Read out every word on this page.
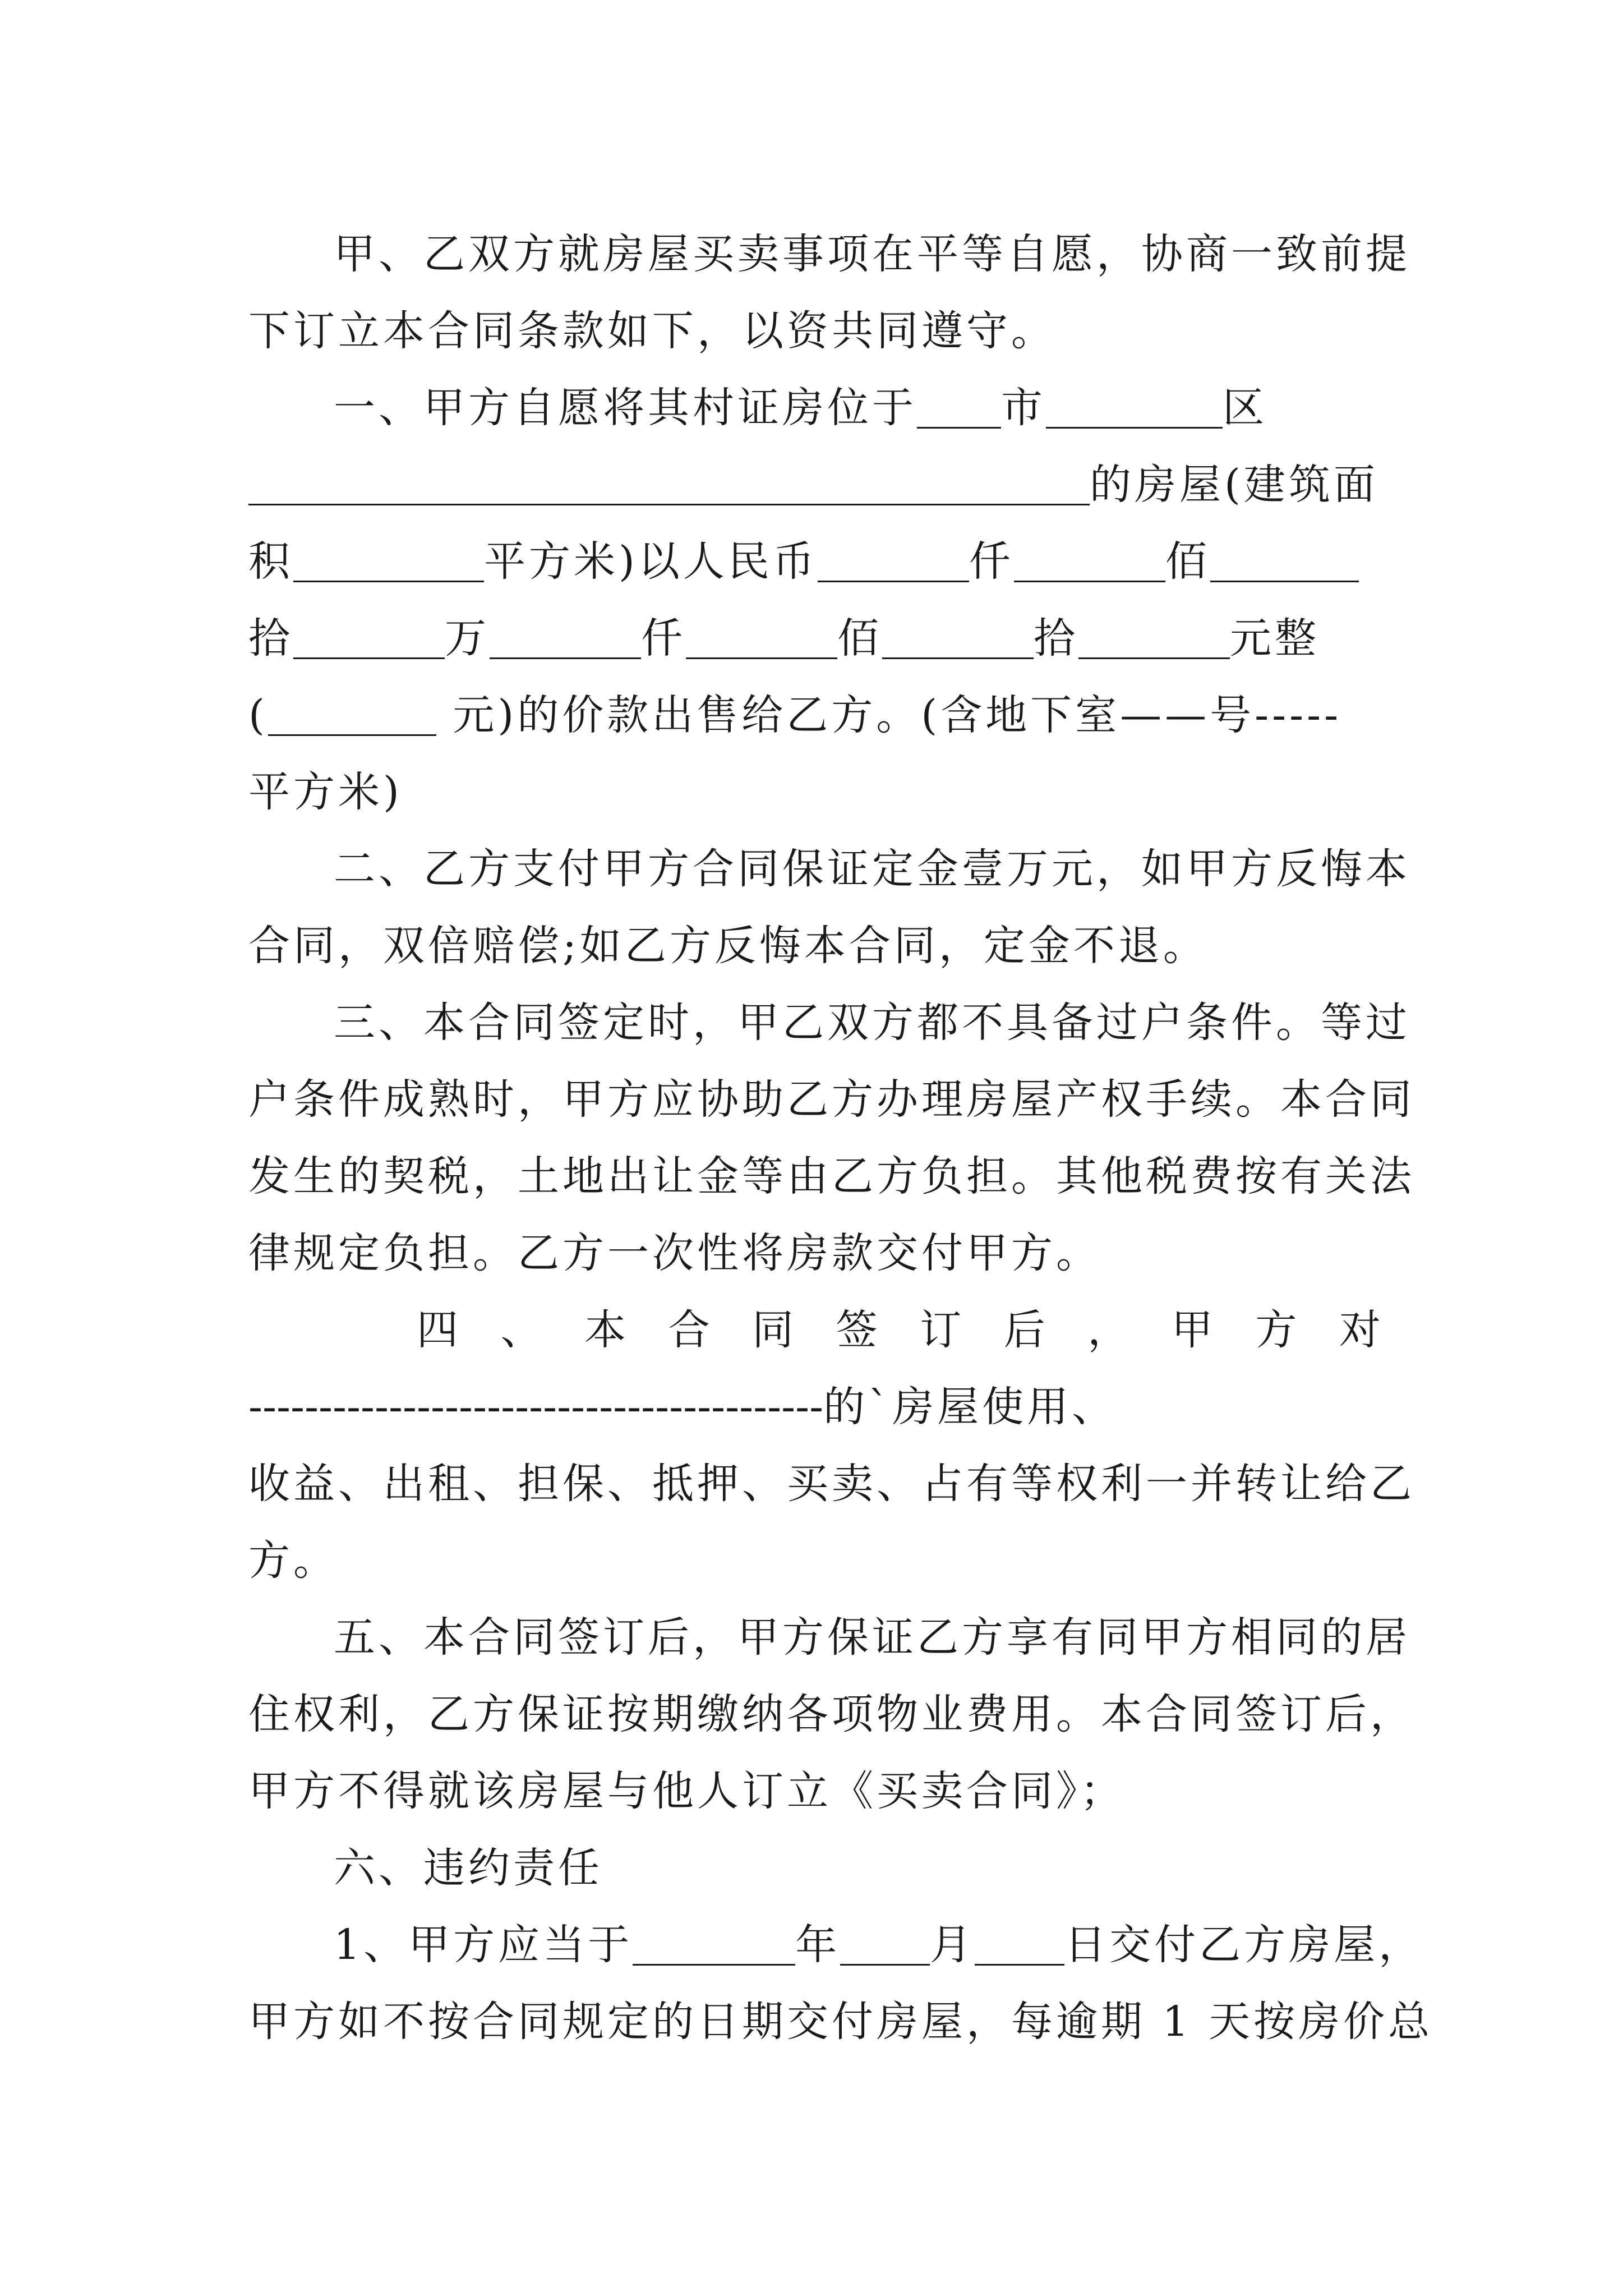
甲、乙双方就房屋买卖事项在平等自愿，协商一致前提
下订立本合同条款如下，以资共同遵守。
一、甲方自愿将其村证房位于 市	区
的房屋(建筑面
积	平方米)以人民币	仟	佰
拾	万	仟	佰	拾	元整
(	元)的价款出售给乙方。(含地下室——号-----
平方米)
二、乙方支付甲方合同保证定金壹万元，如甲方反悔本
合同，双倍赔偿;如乙方反悔本合同，定金不退。
三、本合同签定时，甲乙双方都不具备过户条件。等过
户条件成熟时，甲方应协助乙方办理房屋产权手续。本合同
发生的契税，土地出让金等由乙方负担。其他税费按有关法
律规定负担。乙方一次性将房款交付甲方。
四 、 本 合 同 签 订 后 ， 甲 方 对
-----------------------------------------的`房屋使用、
收益、出租、担保、抵押、买卖、占有等权利一并转让给乙
方。
五、本合同签订后，甲方保证乙方享有同甲方相同的居
住权利，乙方保证按期缴纳各项物业费用。本合同签订后，
甲方不得就该房屋与他人订立《买卖合同》；
六、违约责任
1、甲方应当于	年 月 日交付乙方房屋，
甲方如不按合同规定的日期交付房屋，每逾期 1 天按房价总
